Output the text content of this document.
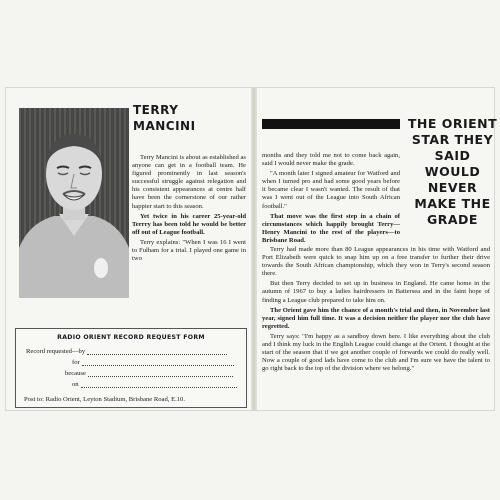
TERRY
MANCINI

Terry Mancini is about as established as anyone can get in a football team. He figured prominently in last season's successful struggle against relegation and his consistent appearances at centre half have been the cornerstone of our rather happier start to this season.

Yet twice in his career 25-year-old Terrry has been told he would be better off out of League football.

Terry explains: "When I was 16 I went to Fulham for a trial. I played one game in two

RADIO ORIENT RECORD REQUEST FORM
Record requested—by
for
because
on
Post to: Radio Orient, Leyton Stadium, Brisbane Road, E.10.
THE ORIENT
STAR THEY
SAID WOULD
NEVER
MAKE THE
GRADE

months and they told me not to come back again, said I would never make the grade.

"A month later I signed amateur for Watford and when I turned pro and had some good years before it became clear I wasn't wanted. The result of that was I went out of the League into South African football."

That move was the first step in a chain of circumstances which happily brought Terry—Henry Mancini to the rest of the players—to Brisbane Road.

Terry had made more than 80 League appearances in his time with Watford and Port Elizabeth were quick to snap him up on a free transfer to further their drive towards the South African championship, which they won in Terry's second season there.

But then Terry decided to set up in business in England. He came home in the autumn of 1967 to buy a ladies hairdressers in Battersea and in the faint hope of finding a League club prepared to take him on.

The Orient gave him the chance of a month's trial and then, in November last year, signed him full time. It was a decision neither the player nor the club have regretted.

Terry says: "I'm happy as a sandboy down here. I like everything about the club and I think my luck in the English League could change at the Orient. I thought at the start of the season that if we got another couple of forwards we could do really well. Now a couple of good lads have come to the club and I'm sure we have the talent to go right back to the top of the division where we belong."
